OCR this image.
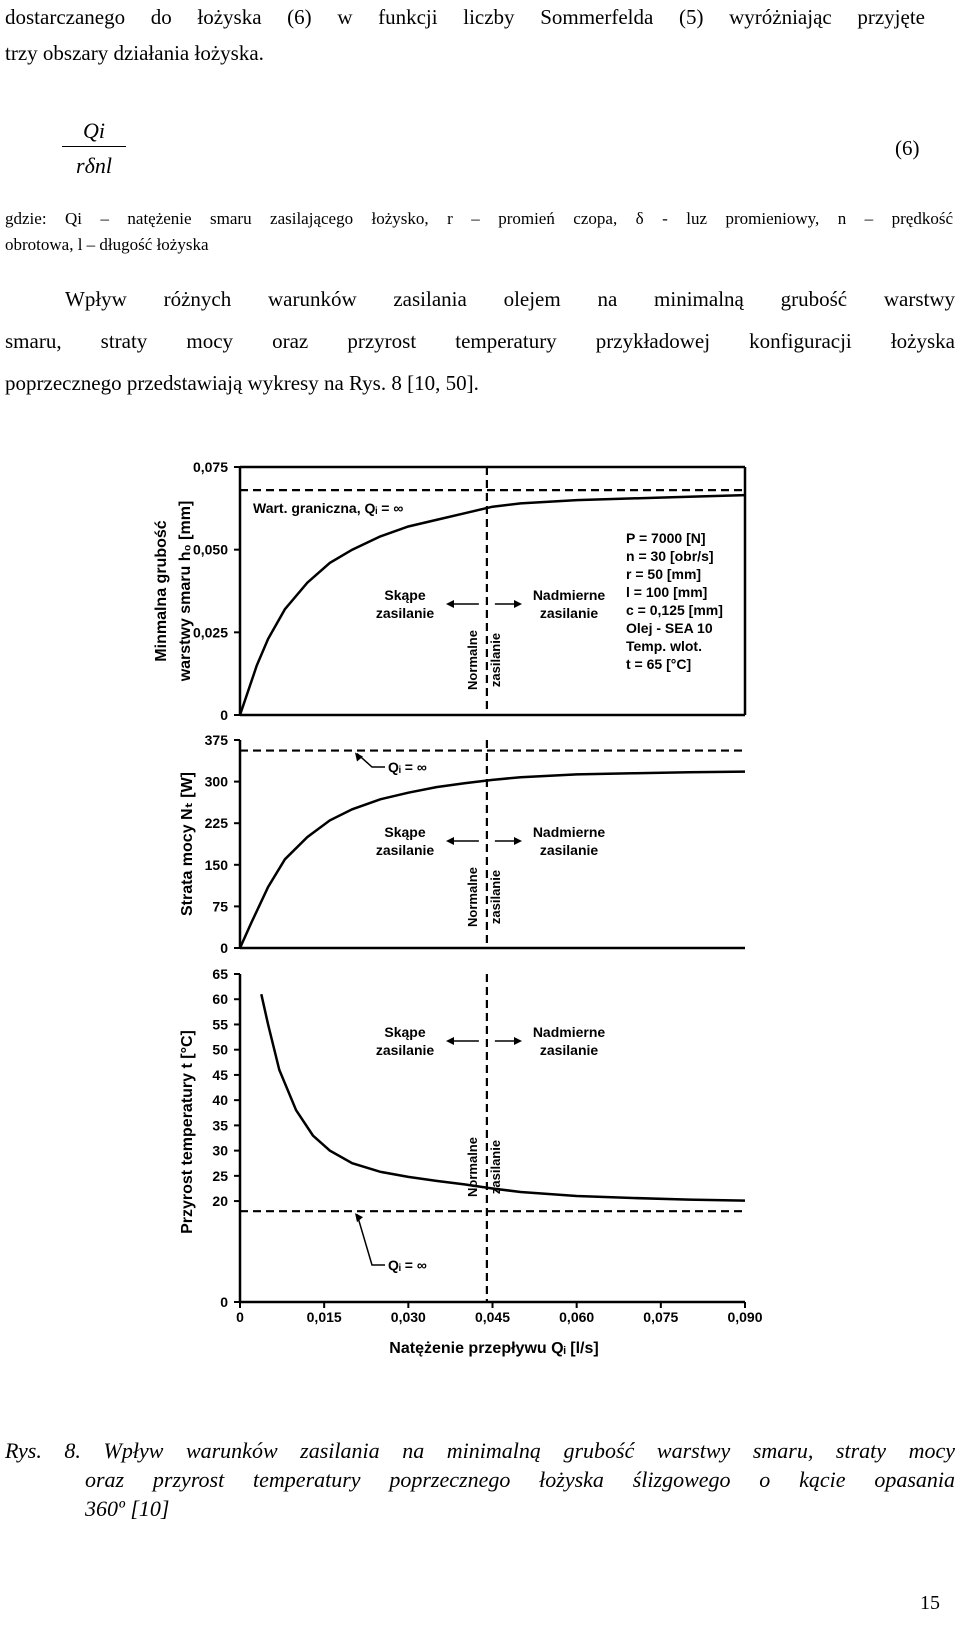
dostarczanego do łożyska (6) w funkcji liczby Sommerfelda (5) wyróżniając przyjęte
trzy obszary działania łożyska.
Qi
rδnl
(6)
gdzie: Qi – natężenie smaru zasilającego łożysko, r – promień czopa, δ - luz promieniowy, n – prędkość
obrotowa, l – długość łożyska
Wpływ różnych warunków zasilania olejem na minimalną grubość warstwy
smaru, straty mocy oraz przyrost temperatury przykładowej konfiguracji łożyska
poprzecznego przedstawiają wykresy na Rys. 8 [10, 50].
0
0,025
0,050
0,075
Minmalna grubość warstwy smaru h₀ [mm]	Skąpe
zasilanie
Nadmierne
zasilanie
Normalne zasilanie
Wart. graniczna, Qᵢ = ∞
P = 7000 [N]
n = 30 [obr/s]
r = 50 [mm]
l = 100 [mm]
c = 0,125 [mm]
Olej - SEA 10
Temp. wlot.
t = 65 [°C]
0
75
150
225
300
375
Strata mocy Nₜ [W]	Skąpe
zasilanie
Nadmierne
zasilanie
Normalne zasilanie
Qᵢ = ∞
0
20
25
30
35
40
45
50
55
60
65
Przyrost temperatury t [°C]	Skąpe
zasilanie
Nadmierne
zasilanie
Normalne zasilanie
Qᵢ = ∞
0	0,015	0,030	0,045	0,060	0,075	0,090
Natężenie przepływu Qᵢ [l/s]
Rys. 8. Wpływ warunków zasilania na minimalną grubość warstwy smaru, straty mocy
oraz przyrost temperatury poprzecznego łożyska ślizgowego o kącie opasania
360º [10]
15
